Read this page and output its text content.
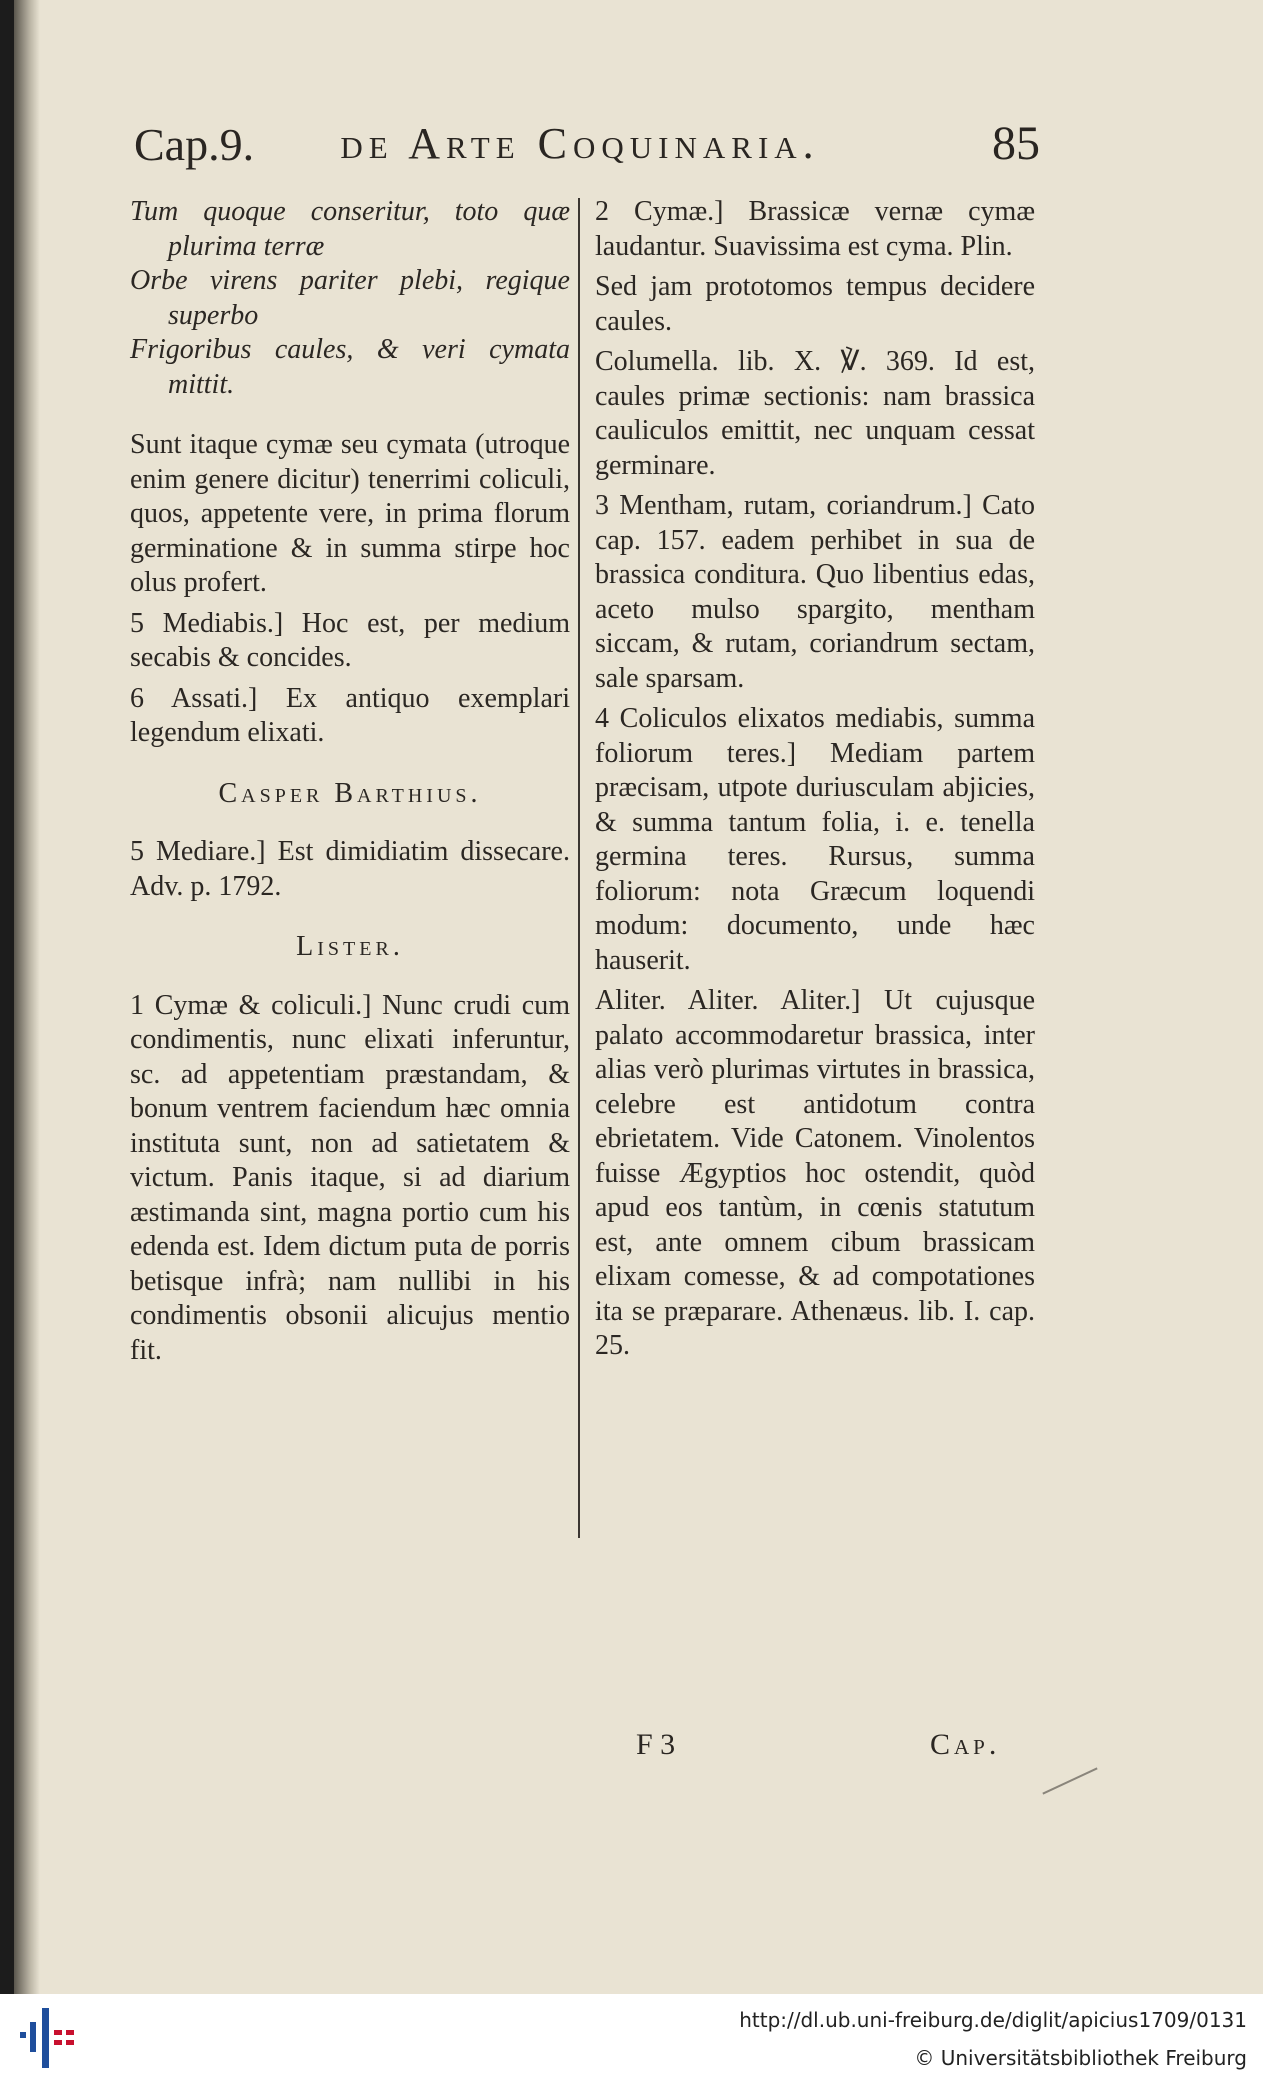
Cap.9.	de Arte Coquinaria.	85

Tum quoque conseritur, toto quæ plurima terræ

Orbe virens pariter plebi, regique superbo

Frigoribus caules, & veri cymata mittit.

Sunt itaque cymæ seu cymata (utroque enim genere dicitur) tenerrimi coliculi, quos, appetente vere, in prima florum germinatione & in summa stirpe hoc olus profert.

5 Mediabis.] Hoc est, per medium secabis & concides.

6 Assati.] Ex antiquo exemplari legendum elixati.

Casper Barthius.

5 Mediare.] Est dimidiatim dissecare. Adv. p. 1792.

Lister.

1 Cymæ & coliculi.] Nunc crudi cum condimentis, nunc elixati inferuntur, sc. ad appetentiam præstandam, & bonum ventrem faciendum hæc omnia instituta sunt, non ad satietatem & victum. Panis itaque, si ad diarium æstimanda sint, magna portio cum his edenda est. Idem dictum puta de porris betisque infrà; nam nullibi in his condimentis obsonii alicujus mentio fit.

2 Cymæ.] Brassicæ vernæ cymæ laudantur. Suavissima est cyma. Plin.

Sed jam prototomos tempus decidere caules.

Columella. lib. X. ℣. 369. Id est, caules primæ sectionis: nam brassica cauliculos emittit, nec unquam cessat germinare.

3 Mentham, rutam, coriandrum.] Cato cap. 157. eadem perhibet in sua de brassica conditura. Quo libentius edas, aceto mulso spargito, mentham siccam, & rutam, coriandrum sectam, sale sparsam.

4 Coliculos elixatos mediabis, summa foliorum teres.] Mediam partem præcisam, utpote duriusculam abjicies, & summa tantum folia, i. e. tenella germina teres. Rursus, summa foliorum: nota Græcum loquendi modum: documento, unde hæc hauserit.

Aliter. Aliter. Aliter.] Ut cujusque palato accommodaretur brassica, inter alias verò plurimas virtutes in brassica, celebre est antidotum contra ebrietatem. Vide Catonem. Vinolentos fuisse Ægyptios hoc ostendit, quòd apud eos tantùm, in cœnis statutum est, ante omnem cibum brassicam elixam comesse, & ad compotationes ita se præparare. Athenæus. lib. I. cap. 25.

F 3	Cap.
http://dl.ub.uni-freiburg.de/diglit/apicius1709/0131
© Universitätsbibliothek Freiburg
